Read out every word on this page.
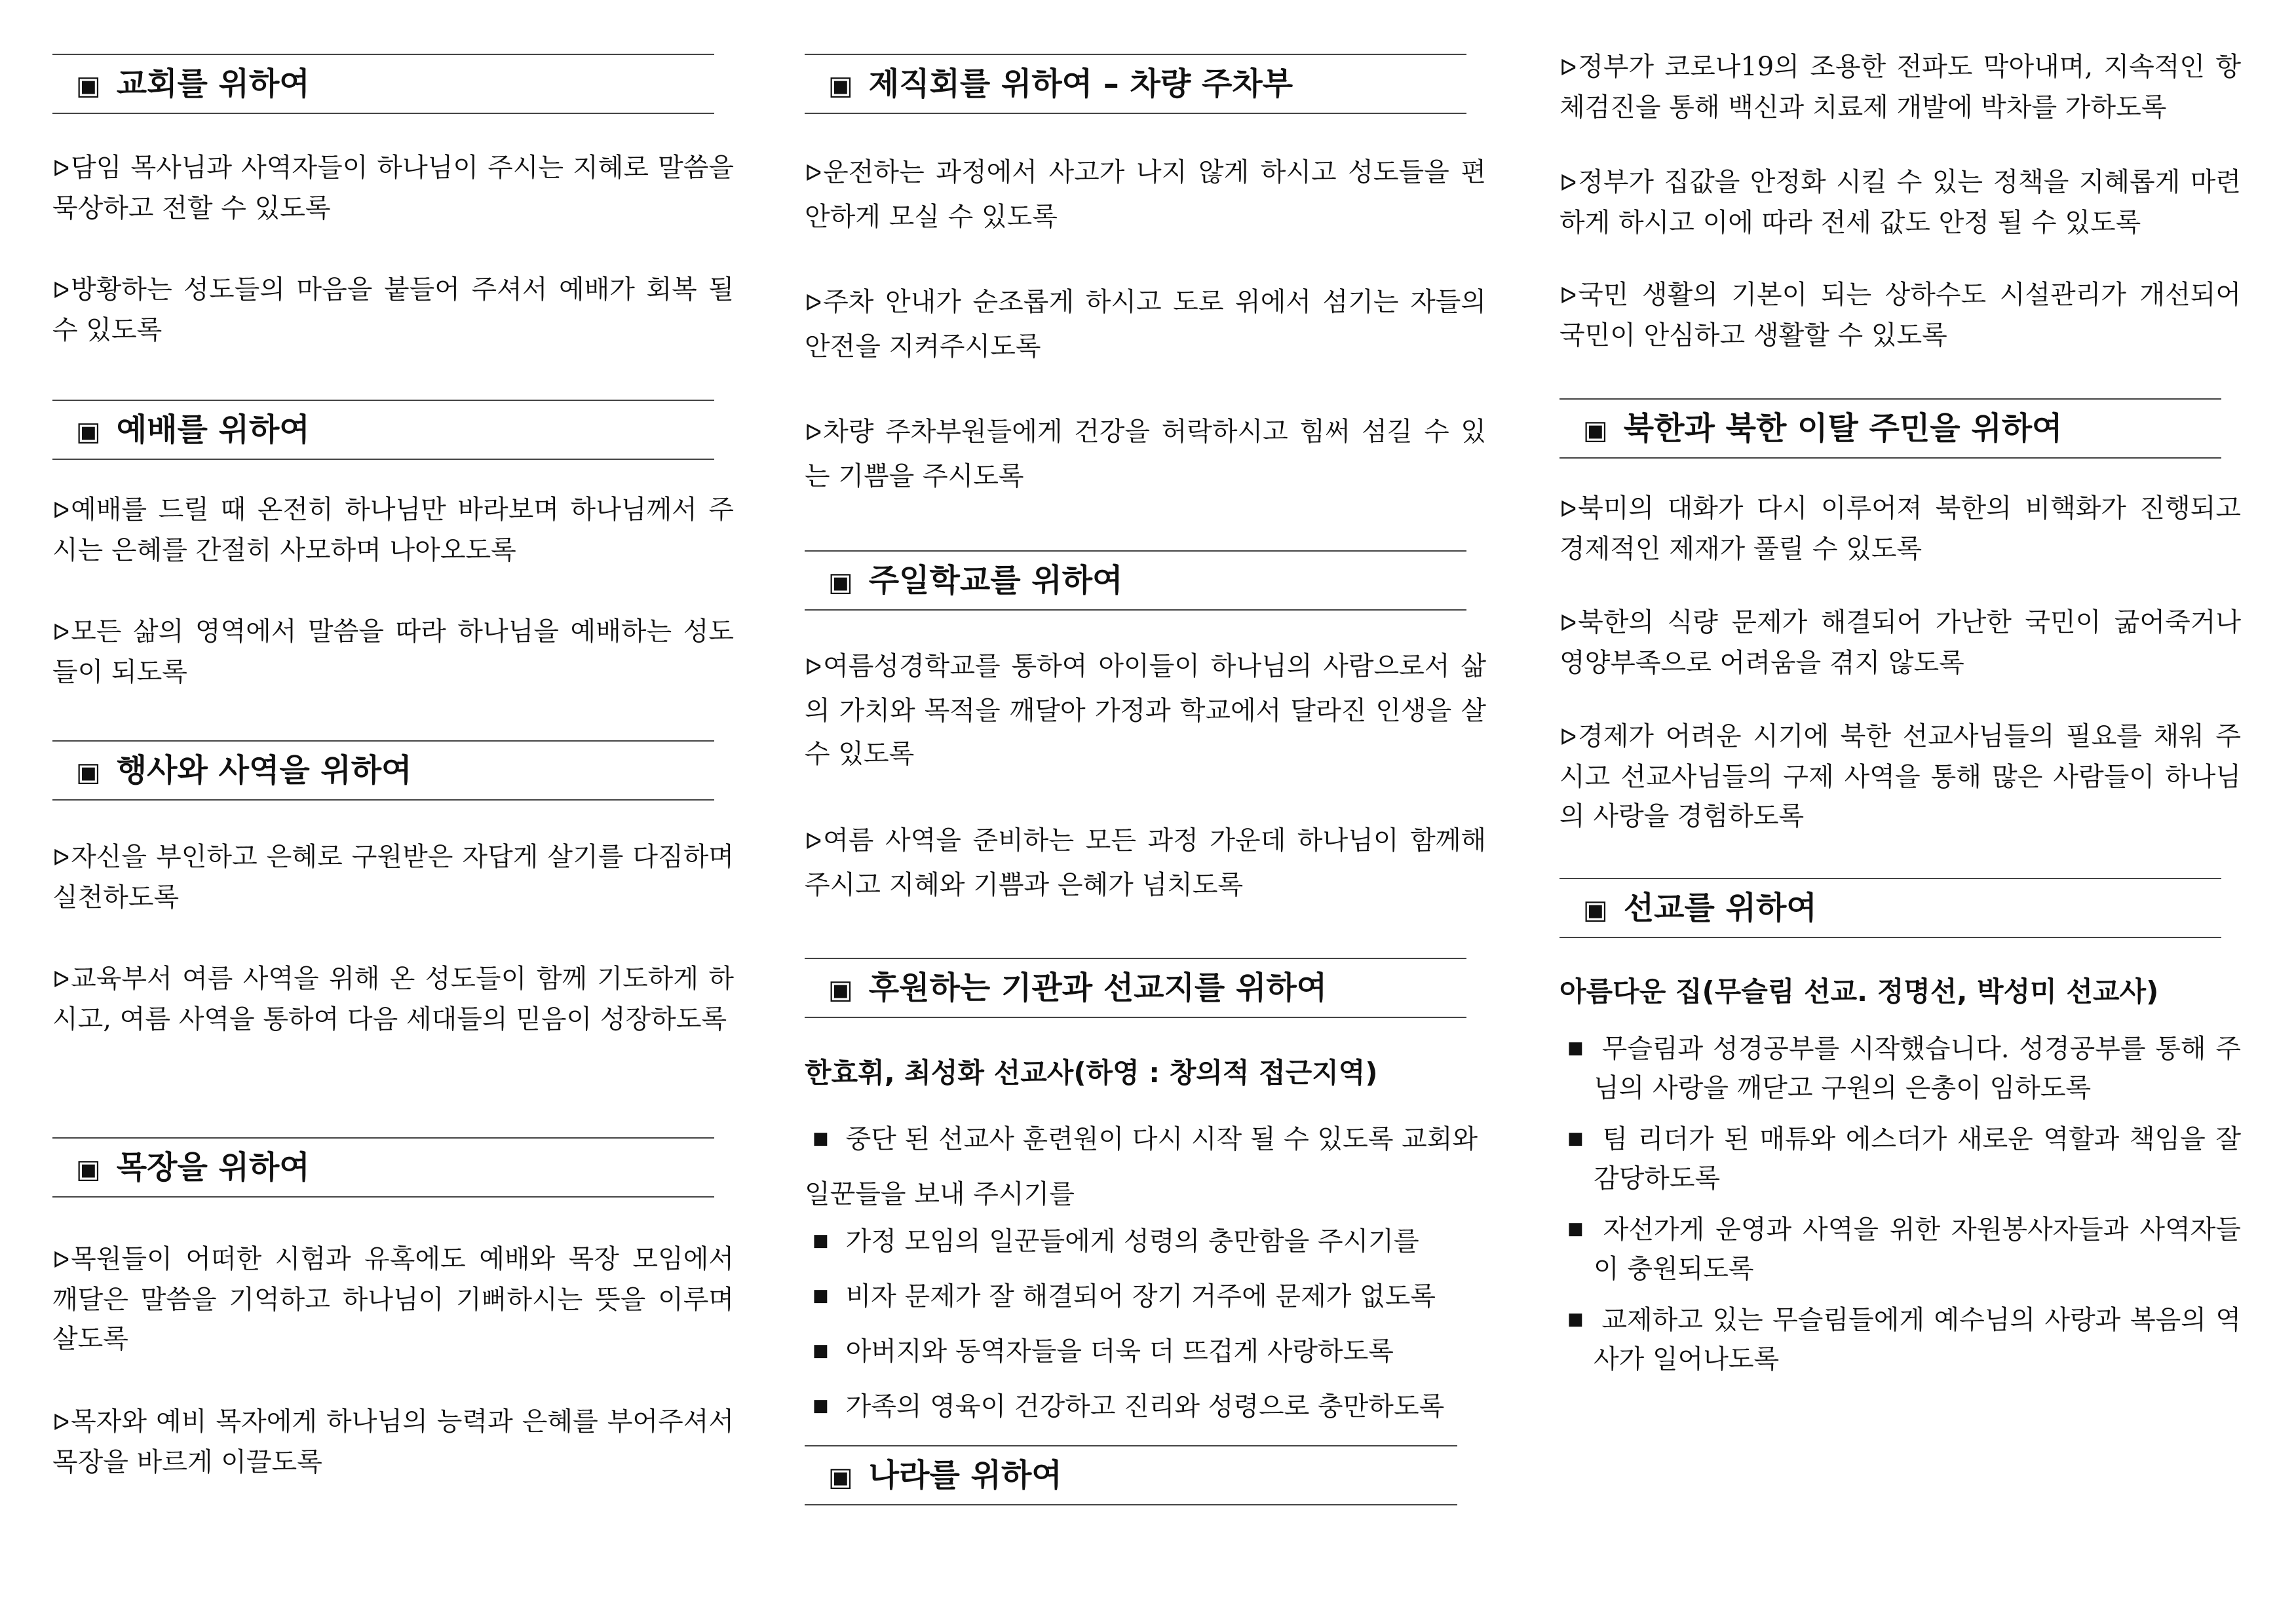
▣ 교회를 위하여
ᐅ담임 목사님과 사역자들이 하나님이 주시는 지혜로 말씀을 묵상하고 전할 수 있도록
ᐅ방황하는 성도들의 마음을 붙들어 주셔서 예배가 회복 될 수 있도록
▣ 예배를 위하여
ᐅ예배를 드릴 때 온전히 하나님만 바라보며 하나님께서 주시는 은혜를 간절히 사모하며 나아오도록
ᐅ모든 삶의 영역에서 말씀을 따라 하나님을 예배하는 성도들이 되도록
▣ 행사와 사역을 위하여
ᐅ자신을 부인하고 은혜로 구원받은 자답게 살기를 다짐하며 실천하도록
ᐅ교육부서 여름 사역을 위해 온 성도들이 함께 기도하게 하시고, 여름 사역을 통하여 다음 세대들의 믿음이 성장하도록
▣ 목장을 위하여
ᐅ목원들이 어떠한 시험과 유혹에도 예배와 목장 모임에서 깨달은 말씀을 기억하고 하나님이 기뻐하시는 뜻을 이루며 살도록
ᐅ목자와 예비 목자에게 하나님의 능력과 은혜를 부어주셔서 목장을 바르게 이끌도록
▣ 제직회를 위하여 – 차량 주차부
ᐅ운전하는 과정에서 사고가 나지 않게 하시고 성도들을 편안하게 모실 수 있도록
ᐅ주차 안내가 순조롭게 하시고 도로 위에서 섬기는 자들의 안전을 지켜주시도록
ᐅ차량 주차부원들에게 건강을 허락하시고 힘써 섬길 수 있는 기쁨을 주시도록
▣ 주일학교를 위하여
ᐅ여름성경학교를 통하여 아이들이 하나님의 사람으로서 삶의 가치와 목적을 깨달아 가정과 학교에서 달라진 인생을 살 수 있도록
ᐅ여름 사역을 준비하는 모든 과정 가운데 하나님이 함께해 주시고 지혜와 기쁨과 은혜가 넘치도록
▣ 후원하는 기관과 선교지를 위하여
한효휘, 최성화 선교사(하영 : 창의적 접근지역)
■ 중단 된 선교사 훈련원이 다시 시작 될 수 있도록 교회와 일꾼들을 보내 주시기를
■ 가정 모임의 일꾼들에게 성령의 충만함을 주시기를
■ 비자 문제가 잘 해결되어 장기 거주에 문제가 없도록
■ 아버지와 동역자들을 더욱 더 뜨겁게 사랑하도록
■ 가족의 영육이 건강하고 진리와 성령으로 충만하도록
▣ 나라를 위하여
ᐅ정부가 코로나19의 조용한 전파도 막아내며, 지속적인 항체검진을 통해 백신과 치료제 개발에 박차를 가하도록
ᐅ정부가 집값을 안정화 시킬 수 있는 정책을 지혜롭게 마련하게 하시고 이에 따라 전세 값도 안정 될 수 있도록
ᐅ국민 생활의 기본이 되는 상하수도 시설관리가 개선되어 국민이 안심하고 생활할 수 있도록
▣ 북한과 북한 이탈 주민을 위하여
ᐅ북미의 대화가 다시 이루어져 북한의 비핵화가 진행되고 경제적인 제재가 풀릴 수 있도록
ᐅ북한의 식량 문제가 해결되어 가난한 국민이 굶어죽거나 영양부족으로 어려움을 겪지 않도록
ᐅ경제가 어려운 시기에 북한 선교사님들의 필요를 채워 주시고 선교사님들의 구제 사역을 통해 많은 사람들이 하나님의 사랑을 경험하도록
▣ 선교를 위하여
아름다운 집(무슬림 선교. 정명선, 박성미 선교사)
■ 무슬림과 성경공부를 시작했습니다. 성경공부를 통해 주님의 사랑을 깨닫고 구원의 은총이 임하도록
■ 팀 리더가 된 매튜와 에스더가 새로운 역할과 책임을 잘 감당하도록
■ 자선가게 운영과 사역을 위한 자원봉사자들과 사역자들이 충원되도록
■ 교제하고 있는 무슬림들에게 예수님의 사랑과 복음의 역사가 일어나도록
